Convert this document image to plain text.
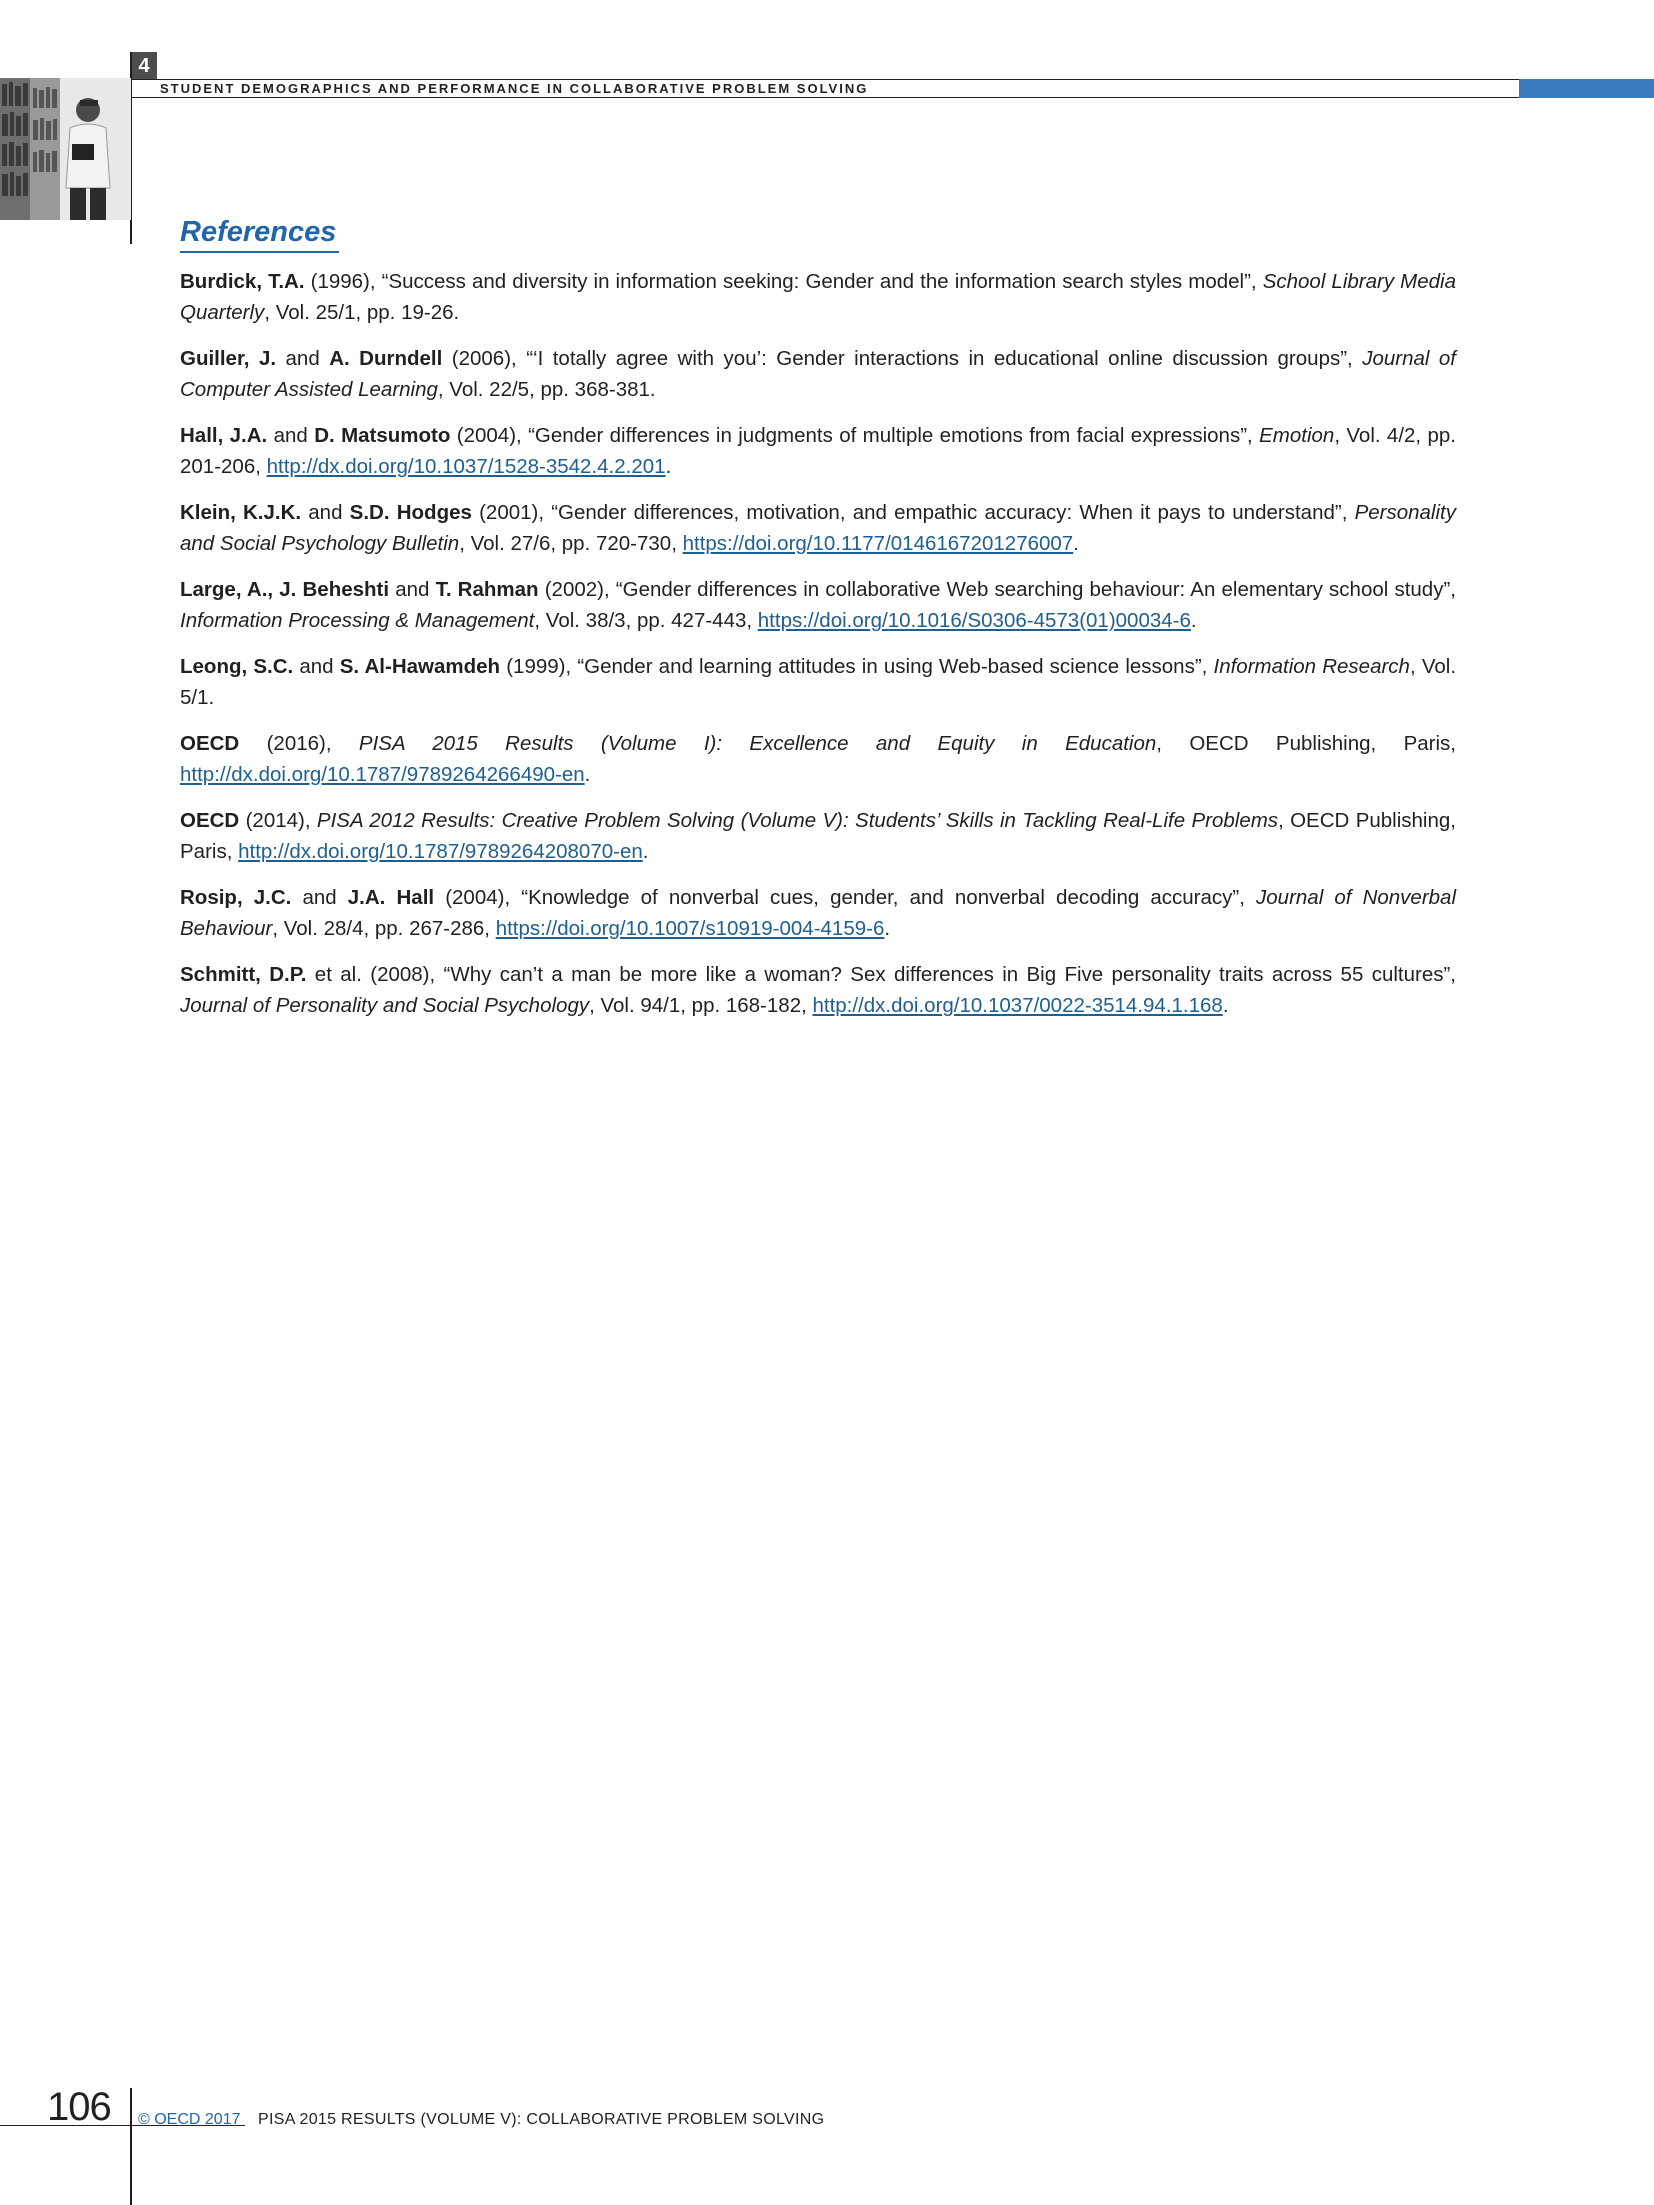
4
STUDENT DEMOGRAPHICS AND PERFORMANCE IN COLLABORATIVE PROBLEM SOLVING
References

Burdick, T.A. (1996), “Success and diversity in information seeking: Gender and the information search styles model”, School Library Media Quarterly, Vol. 25/1, pp. 19-26.

Guiller, J. and A. Durndell (2006), “‘I totally agree with you’: Gender interactions in educational online discussion groups”, Journal of Computer Assisted Learning, Vol. 22/5, pp. 368-381.

Hall, J.A. and D. Matsumoto (2004), “Gender differences in judgments of multiple emotions from facial expressions”, Emotion, Vol. 4/2, pp. 201-206, http://dx.doi.org/10.1037/1528-3542.4.2.201.

Klein, K.J.K. and S.D. Hodges (2001), “Gender differences, motivation, and empathic accuracy: When it pays to understand”, Personality and Social Psychology Bulletin, Vol. 27/6, pp. 720-730, https://doi.org/10.1177/0146167201276007.

Large, A., J. Beheshti and T. Rahman (2002), “Gender differences in collaborative Web searching behaviour: An elementary school study”, Information Processing & Management, Vol. 38/3, pp. 427-443, https://doi.org/10.1016/S0306-4573(01)00034-6.

Leong, S.C. and S. Al-Hawamdeh (1999), “Gender and learning attitudes in using Web-based science lessons”, Information Research, Vol. 5/1.

OECD (2016), PISA 2015 Results (Volume I): Excellence and Equity in Education, OECD Publishing, Paris, http://dx.doi.org/10.1787/9789264266490-en.

OECD (2014), PISA 2012 Results: Creative Problem Solving (Volume V): Students’ Skills in Tackling Real-Life Problems, OECD Publishing, Paris, http://dx.doi.org/10.1787/9789264208070-en.

Rosip, J.C. and J.A. Hall (2004), “Knowledge of nonverbal cues, gender, and nonverbal decoding accuracy”, Journal of Nonverbal Behaviour, Vol. 28/4, pp. 267-286, https://doi.org/10.1007/s10919-004-4159-6.

Schmitt, D.P. et al. (2008), “Why can’t a man be more like a woman? Sex differences in Big Five personality traits across 55 cultures”, Journal of Personality and Social Psychology, Vol. 94/1, pp. 168-182, http://dx.doi.org/10.1037/0022-3514.94.1.168.

106 © OECD 2017 PISA 2015 RESULTS (VOLUME V): COLLABORATIVE PROBLEM SOLVING
